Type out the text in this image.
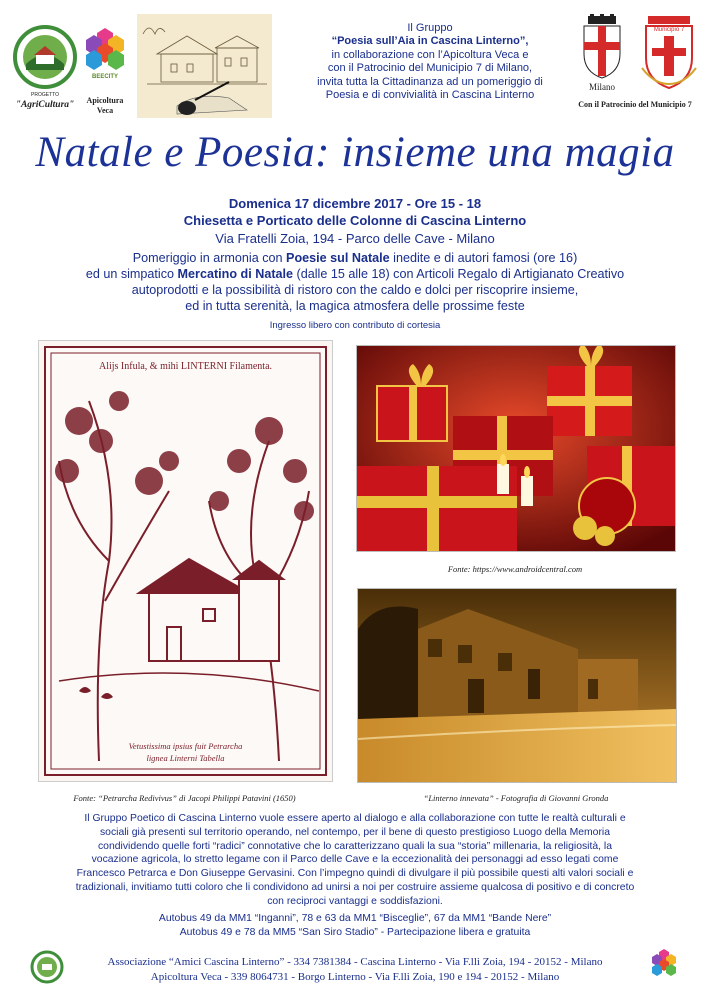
PROGETTO
"AgriCultura"
BEECITY
Apicoltura Veca
Milano
Municipio 7
Con il Patrocinio del Municipio 7
Il Gruppo
“Poesia sull’Aia in Cascina Linterno”,
in collaborazione con l’Apicoltura Veca e
con il Patrocinio del Municipio 7 di Milano,
invita tutta la Cittadinanza ad un pomeriggio di
Poesia e di convivialità in Cascina Linterno
Natale e Poesia: insieme una magia
Domenica 17 dicembre 2017 - Ore 15 - 18
Chiesetta e Porticato delle Colonne di Cascina Linterno
Via Fratelli Zoia, 194 - Parco delle Cave - Milano
Pomeriggio in armonia con Poesie sul Natale inedite e di autori famosi (ore 16)
ed un simpatico Mercatino di Natale (dalle 15 alle 18) con Articoli Regalo di Artigianato Creativo
autoprodotti e la possibilità di ristoro con the caldo e dolci per riscoprire insieme,
ed in tutta serenità, la magica atmosfera delle prossime feste
Ingresso libero con contributo di cortesia
Alijs Infula, & mihi LINTERNI Filamenta.
Vetustissima ipsius fuit Petrarcha
lignea Linterni Tabella
Fonte: “Petrarcha Redivivus” di Jacopi Philippi Patavini (1650)
Fonte: https://www.androidcentral.com
“Linterno innevata” - Fotografia di Giovanni Gronda
Il Gruppo Poetico di Cascina Linterno vuole essere aperto al dialogo e alla collaborazione con tutte le realtà culturali e
sociali già presenti sul territorio operando, nel contempo, per il bene di questo prestigioso Luogo della Memoria
condividendo quelle forti “radici” connotative che lo caratterizzano quali la sua “storia” millenaria, la religiosità, la
vocazione agricola, lo stretto legame con il Parco delle Cave e la eccezionalità dei personaggi ad esso legati come
Francesco Petrarca e Don Giuseppe Gervasini. Con l’impegno quindi di divulgare il più possibile questi alti valori sociali e
tradizionali, invitiamo tutti coloro che li condividono ad unirsi a noi per costruire assieme qualcosa di positivo e di concreto
con reciproci vantaggi e soddisfazioni.
Autobus 49 da MM1 “Inganni”, 78 e 63 da MM1 “Bisceglie”, 67 da MM1 “Bande Nere”
Autobus 49 e 78 da MM5 “San Siro Stadio” - Partecipazione libera e gratuita
Associazione “Amici Cascina Linterno” - 334 7381384 - Cascina Linterno - Via F.lli Zoia, 194 - 20152 - Milano
Apicoltura Veca - 339 8064731 - Borgo Linterno - Via F.lli Zoia, 190 e 194 - 20152 - Milano
